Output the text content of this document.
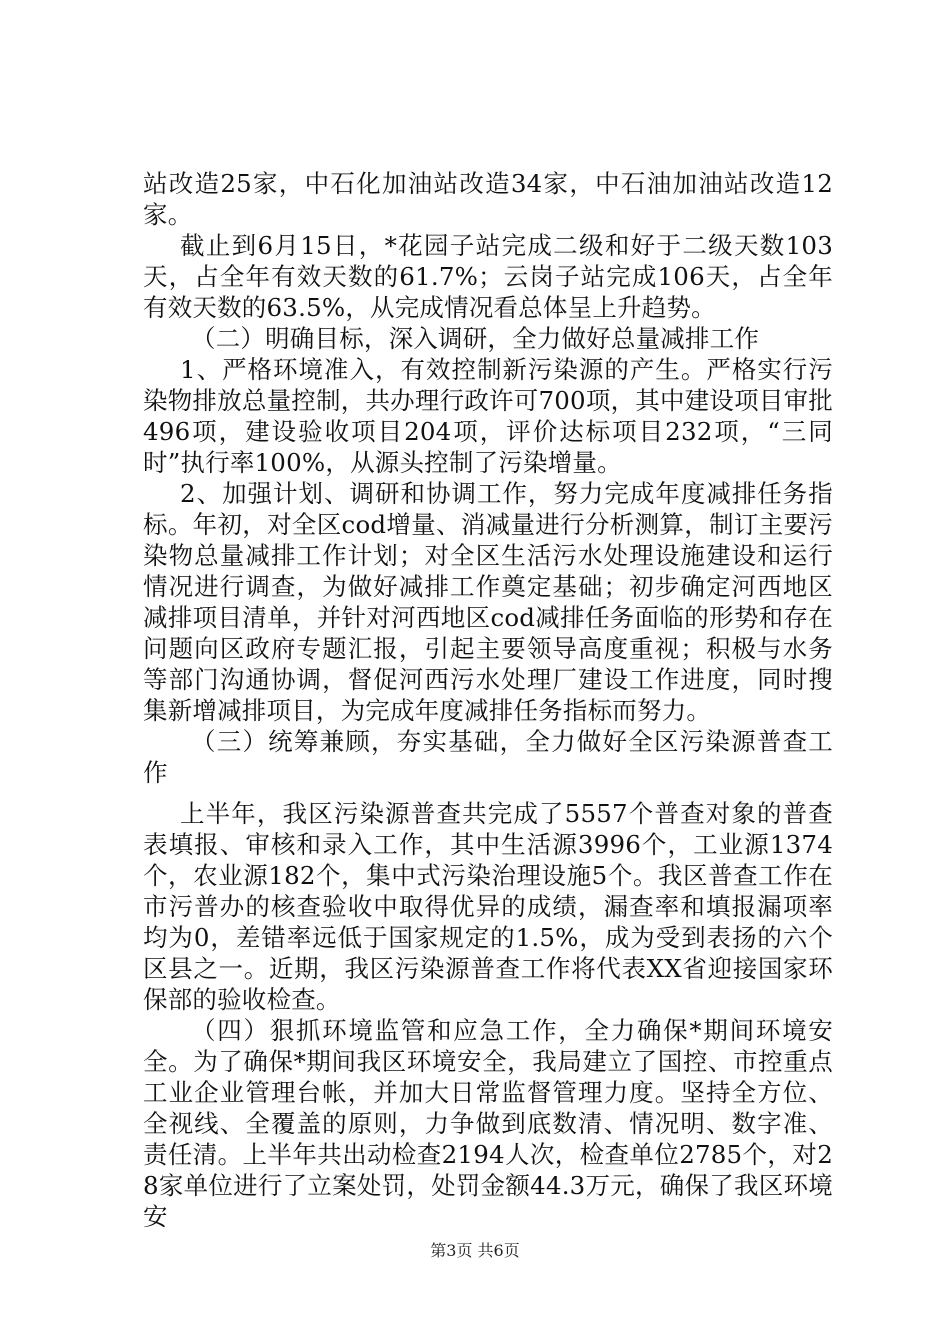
站改造25家，中石化加油站改造34家，中石油加油站改造12家。

截止到6月15日，*花园子站完成二级和好于二级天数103天，占全年有效天数的61.7%；云岗子站完成106天，占全年有效天数的63.5%，从完成情况看总体呈上升趋势。

（二）明确目标，深入调研，全力做好总量减排工作

1、严格环境准入，有效控制新污染源的产生。严格实行污染物排放总量控制，共办理行政许可700项，其中建设项目审批496项，建设验收项目204项，评价达标项目232项，“三同时”执行率100%，从源头控制了污染增量。

2、加强计划、调研和协调工作，努力完成年度减排任务指标。年初，对全区cod增量、消减量进行分析测算，制订主要污染物总量减排工作计划；对全区生活污水处理设施建设和运行情况进行调查，为做好减排工作奠定基础；初步确定河西地区减排项目清单，并针对河西地区cod减排任务面临的形势和存在问题向区政府专题汇报，引起主要领导高度重视；积极与水务等部门沟通协调，督促河西污水处理厂建设工作进度，同时搜集新增减排项目，为完成年度减排任务指标而努力。

（三）统筹兼顾，夯实基础，全力做好全区污染源普查工作

上半年，我区污染源普查共完成了5557个普查对象的普查表填报、审核和录入工作，其中生活源3996个，工业源1374个，农业源182个，集中式污染治理设施5个。我区普查工作在市污普办的核查验收中取得优异的成绩，漏查率和填报漏项率均为0，差错率远低于国家规定的1.5%，成为受到表扬的六个区县之一。近期，我区污染源普查工作将代表XX省迎接国家环保部的验收检查。

（四）狠抓环境监管和应急工作，全力确保*期间环境安全。为了确保*期间我区环境安全，我局建立了国控、市控重点工业企业管理台帐，并加大日常监督管理力度。坚持全方位、全视线、全覆盖的原则，力争做到底数清、情况明、数字准、责任清。上半年共出动检查2194人次，检查单位2785个，对28家单位进行了立案处罚，处罚金额44.3万元，确保了我区环境安

第3页 共6页
